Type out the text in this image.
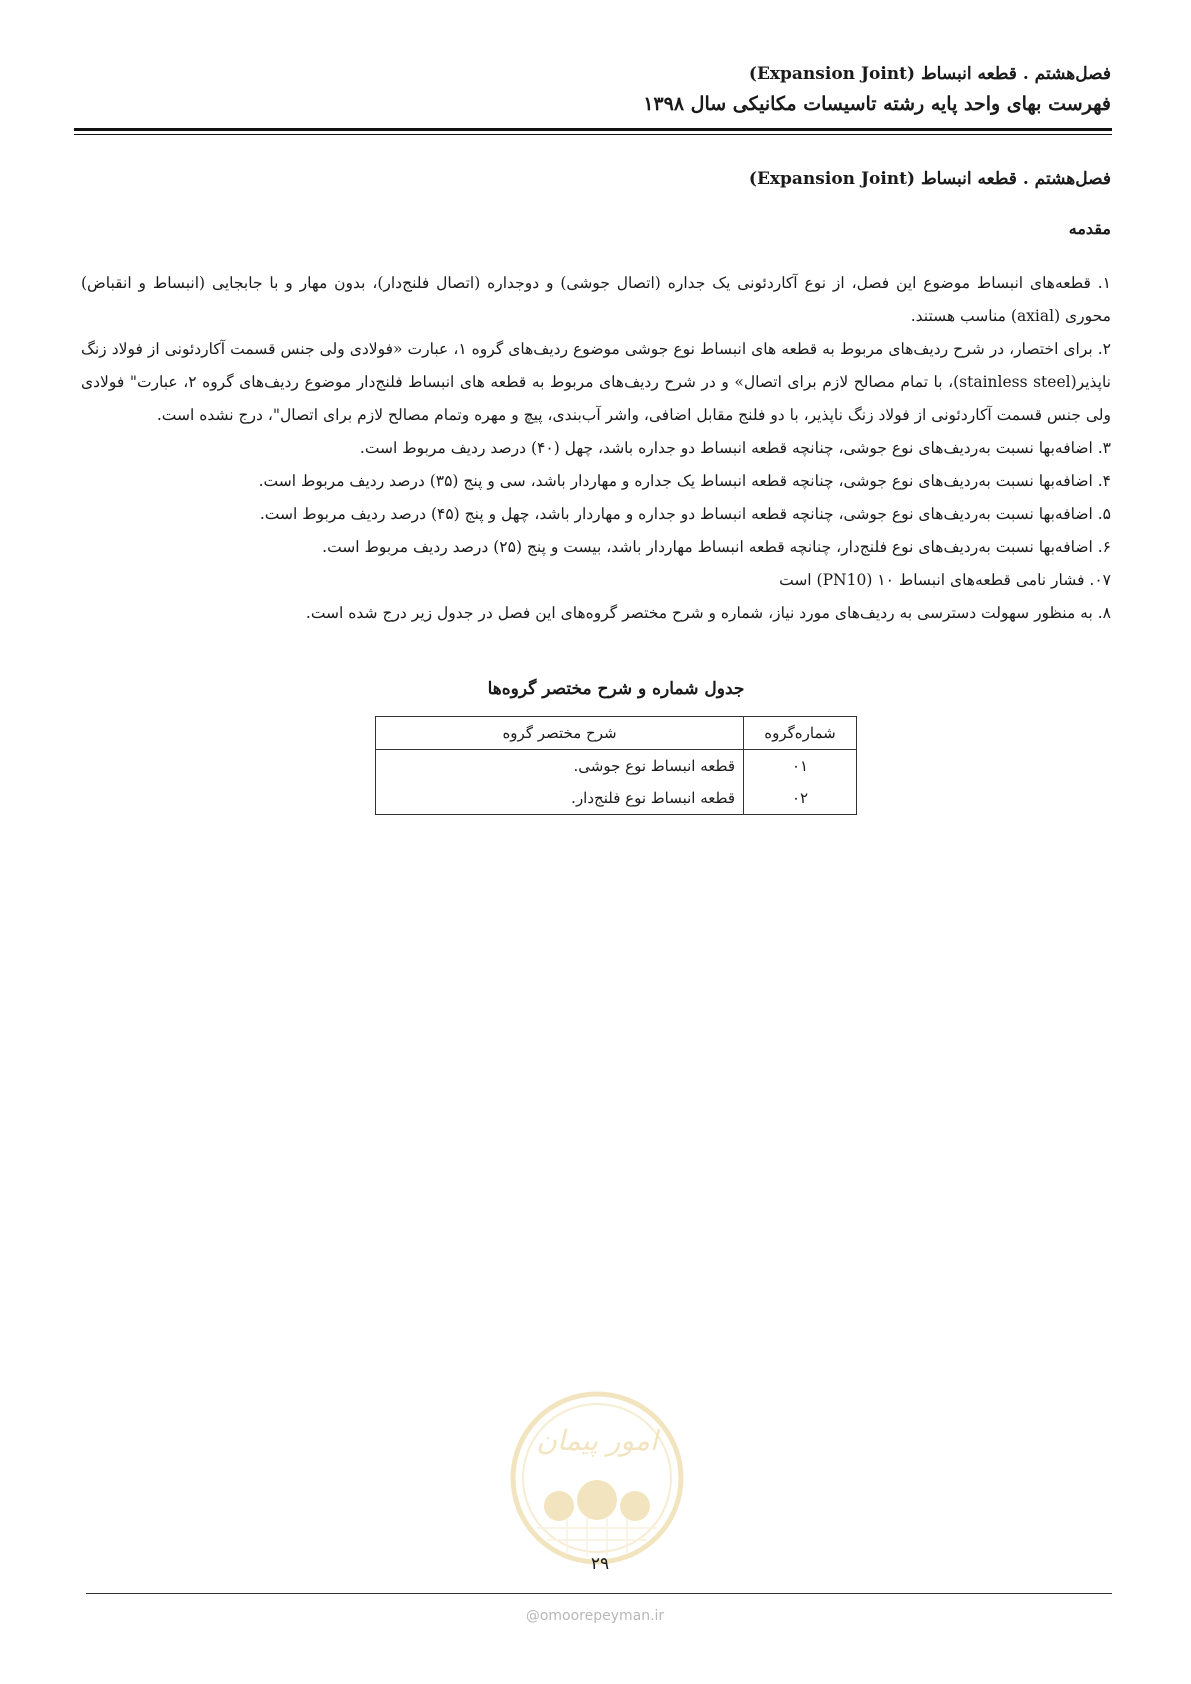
فصل‌هشتم . قطعه انبساط (Expansion Joint)
فهرست بهای واحد پایه رشته تاسیسات مکانیکی سال ۱۳۹۸
فصل‌هشتم . قطعه انبساط (Expansion Joint)
مقدمه

۱. قطعه‌های انبساط موضوع این فصل، از نوع آکاردئونی یک جداره (اتصال جوشی) و دوجداره (اتصال فلنج‌دار)، بدون مهار و با جابجایی (انبساط و انقباض) محوری (axial) مناسب هستند.

۲. برای اختصار، در شرح ردیف‌های مربوط به قطعه های انبساط نوع جوشی موضوع ردیف‌های گروه ۱، عبارت «فولادی ولی جنس قسمت آکاردئونی از فولاد زنگ ناپذیر(stainless steel)، با تمام مصالح لازم برای اتصال» و در شرح ردیف‌های مربوط به قطعه های انبساط فلنج‌دار موضوع ردیف‌های گروه ۲، عبارت" فولادی ولی جنس قسمت آکاردئونی از فولاد زنگ ناپذیر، با دو فلنج مقابل اضافی، واشر آب‌بندی، پیچ و مهره وتمام مصالح لازم برای اتصال"، درج نشده است.

۳. اضافه‌بها نسبت به‌ردیف‌های نوع جوشی، چنانچه قطعه انبساط دو جداره باشد، چهل (۴۰) درصد ردیف مربوط است.

۴. اضافه‌بها نسبت به‌ردیف‌های نوع جوشی، چنانچه قطعه انبساط یک جداره و مهاردار باشد، سی و پنج (۳۵) درصد ردیف مربوط است.

۵. اضافه‌بها نسبت به‌ردیف‌های نوع جوشی، چنانچه قطعه انبساط دو جداره و مهاردار باشد، چهل و پنج (۴۵) درصد ردیف مربوط است.

۶. اضافه‌بها نسبت به‌ردیف‌های نوع فلنج‌دار، چنانچه قطعه انبساط مهاردار باشد، بیست و پنج (۲۵) درصد ردیف مربوط است.

۰۷. فشار نامی قطعه‌های انبساط ۱۰ (PN10) است

۸. به منظور سهولت دسترسی به ردیف‌های مورد نیاز، شماره و شرح مختصر گروه‌های این فصل در جدول زیر درج شده است.

جدول شماره و شرح مختصر گروه‌ها
شماره‌گروه	شرح مختصر گروه
۰۱	قطعه انبساط نوع جوشی.
۰۲	قطعه انبساط نوع فلنج‌دار.
امور پیمان
۲۹
@omoorepeyman.ir
